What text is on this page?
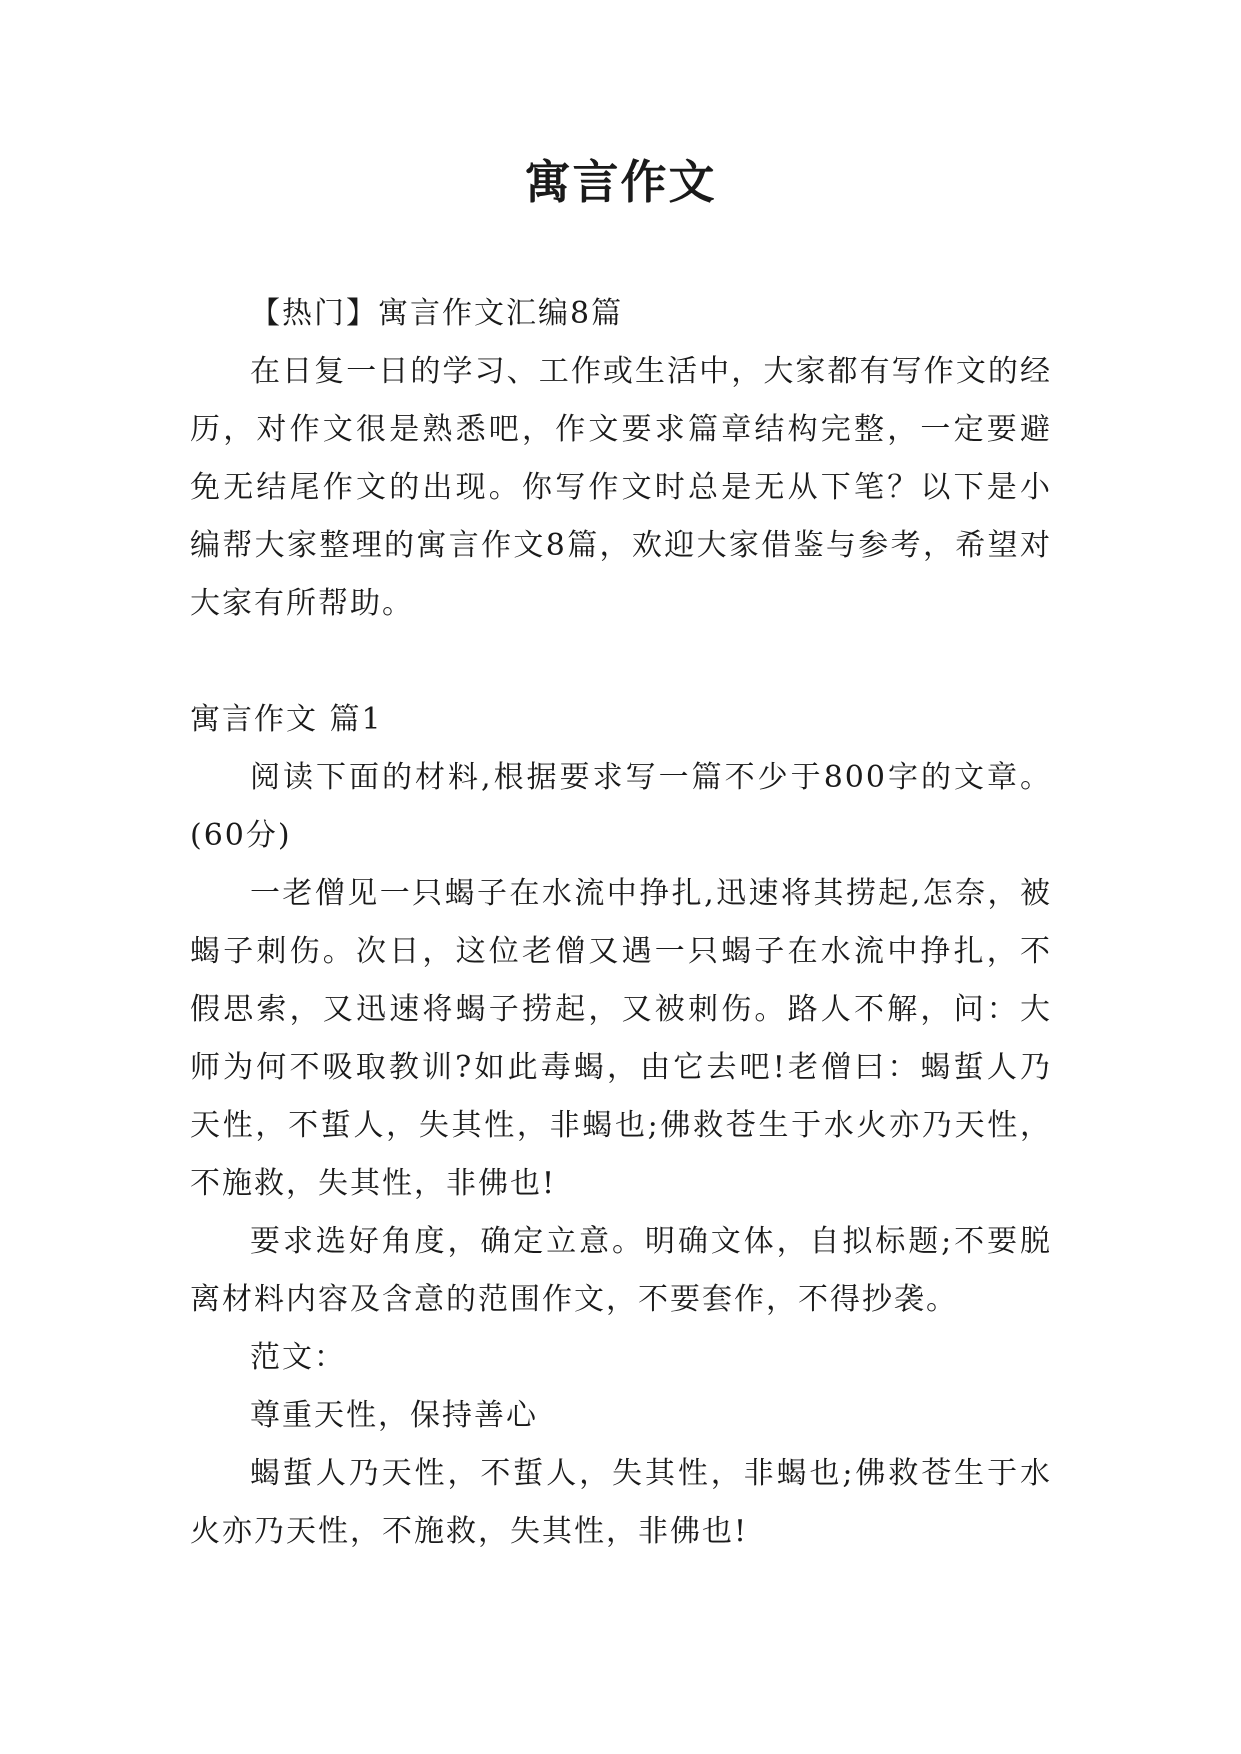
寓言作文

【热门】寓言作文汇编8篇

在日复一日的学习、工作或生活中，大家都有写作文的经历，对作文很是熟悉吧，作文要求篇章结构完整，一定要避免无结尾作文的出现。你写作文时总是无从下笔？以下是小编帮大家整理的寓言作文8篇，欢迎大家借鉴与参考，希望对大家有所帮助。

寓言作文 篇1

阅读下面的材料,根据要求写一篇不少于800字的文章。(60分)

一老僧见一只蝎子在水流中挣扎,迅速将其捞起,怎奈，被蝎子刺伤。次日，这位老僧又遇一只蝎子在水流中挣扎，不假思索，又迅速将蝎子捞起，又被刺伤。路人不解，问：大师为何不吸取教训?如此毒蝎，由它去吧!老僧曰：蝎蜇人乃天性，不蜇人，失其性，非蝎也;佛救苍生于水火亦乃天性，不施救，失其性，非佛也!

要求选好角度，确定立意。明确文体，自拟标题;不要脱离材料内容及含意的范围作文，不要套作，不得抄袭。

范文：

尊重天性，保持善心

蝎蜇人乃天性，不蜇人，失其性，非蝎也;佛救苍生于水火亦乃天性，不施救，失其性，非佛也!
